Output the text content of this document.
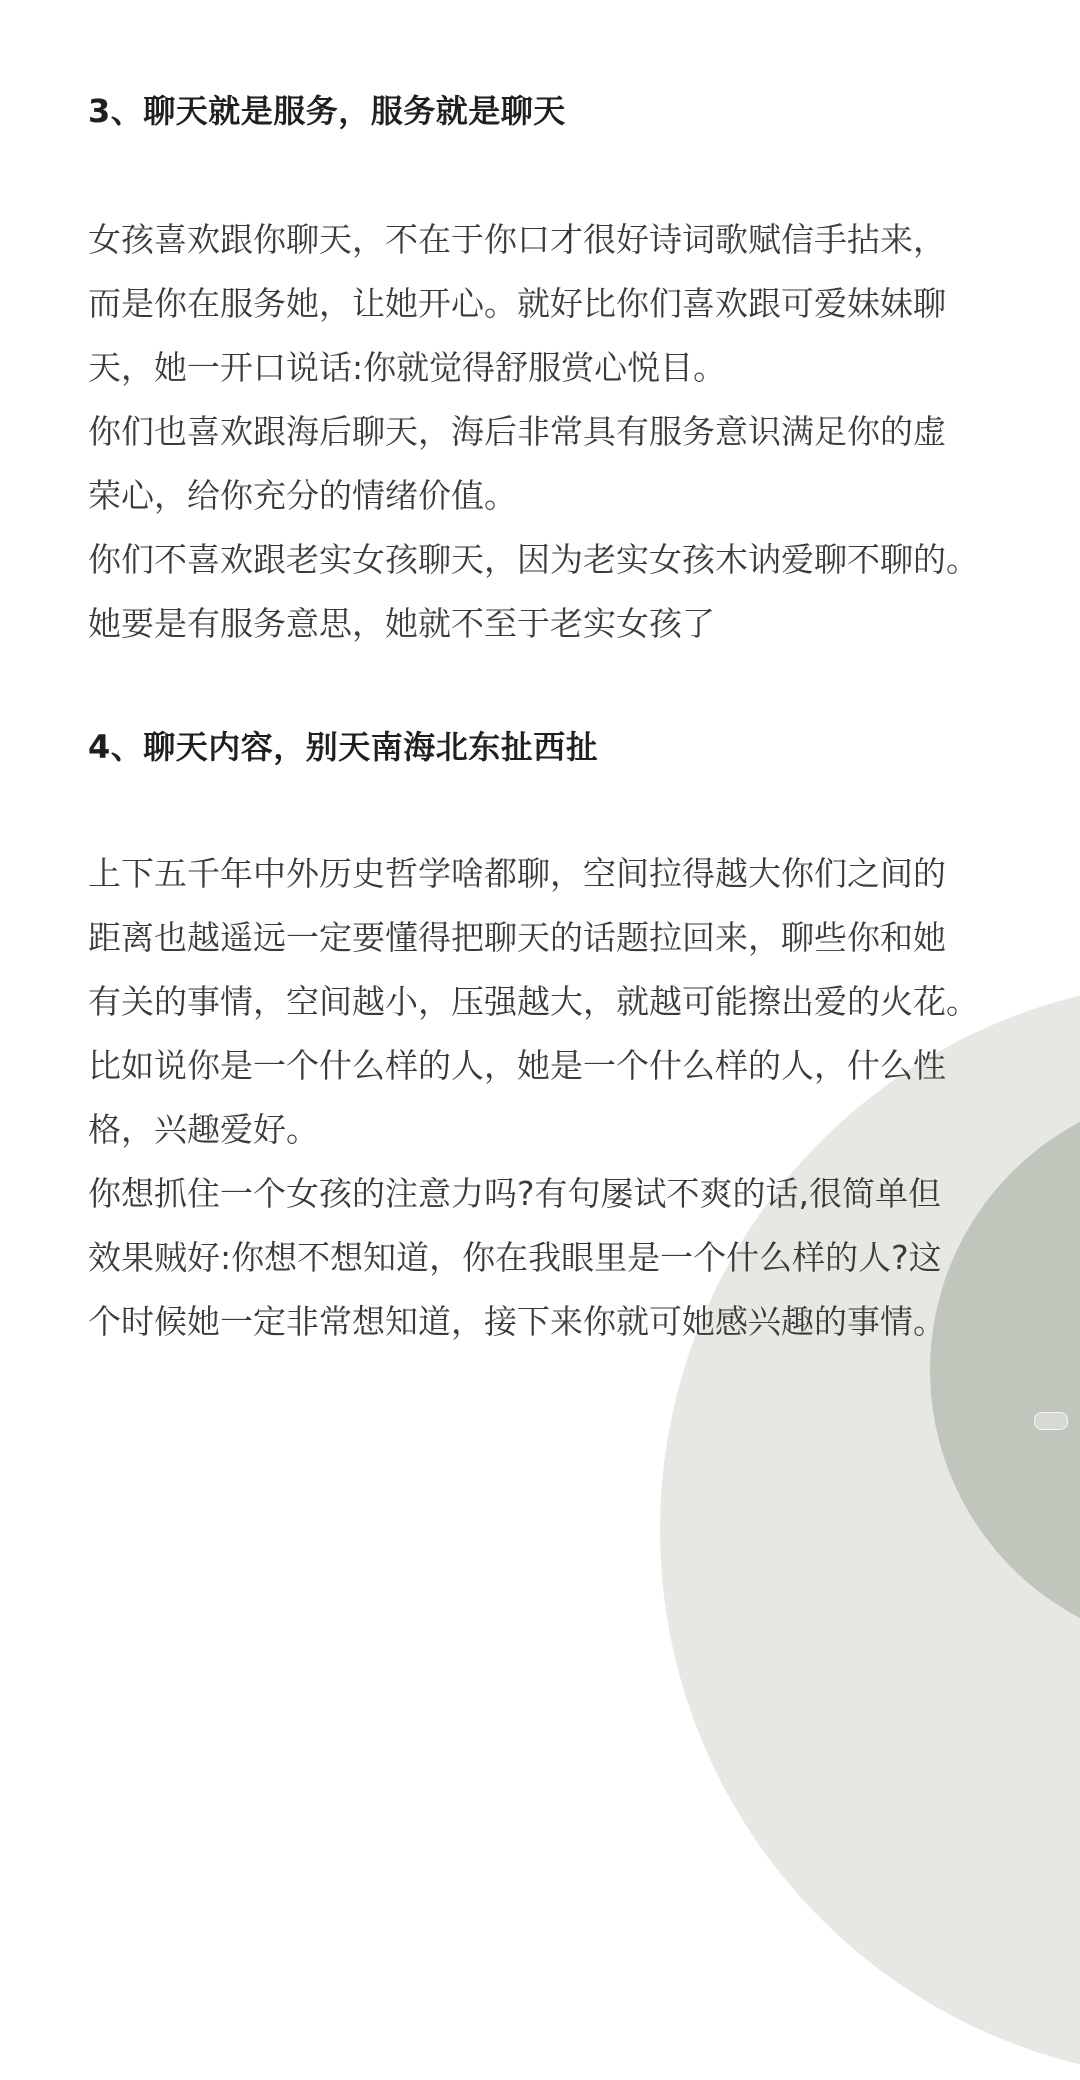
3、聊天就是服务，服务就是聊天
女孩喜欢跟你聊天，不在于你口才很好诗词歌赋信手拈来，
而是你在服务她，让她开心。就好比你们喜欢跟可爱妹妹聊
天，她一开口说话:你就觉得舒服赏心悦目。
你们也喜欢跟海后聊天，海后非常具有服务意识满足你的虚
荣心，给你充分的情绪价值。
你们不喜欢跟老实女孩聊天，因为老实女孩木讷爱聊不聊的。
她要是有服务意思，她就不至于老实女孩了
4、聊天内容，别天南海北东扯西扯
上下五千年中外历史哲学啥都聊，空间拉得越大你们之间的
距离也越遥远一定要懂得把聊天的话题拉回来，聊些你和她
有关的事情，空间越小，压强越大，就越可能擦出爱的火花。
比如说你是一个什么样的人，她是一个什么样的人，什么性
格，兴趣爱好。
你想抓住一个女孩的注意力吗?有句屡试不爽的话,很简单但
效果贼好:你想不想知道，你在我眼里是一个什么样的人?这
个时候她一定非常想知道，接下来你就可她感兴趣的事情。
